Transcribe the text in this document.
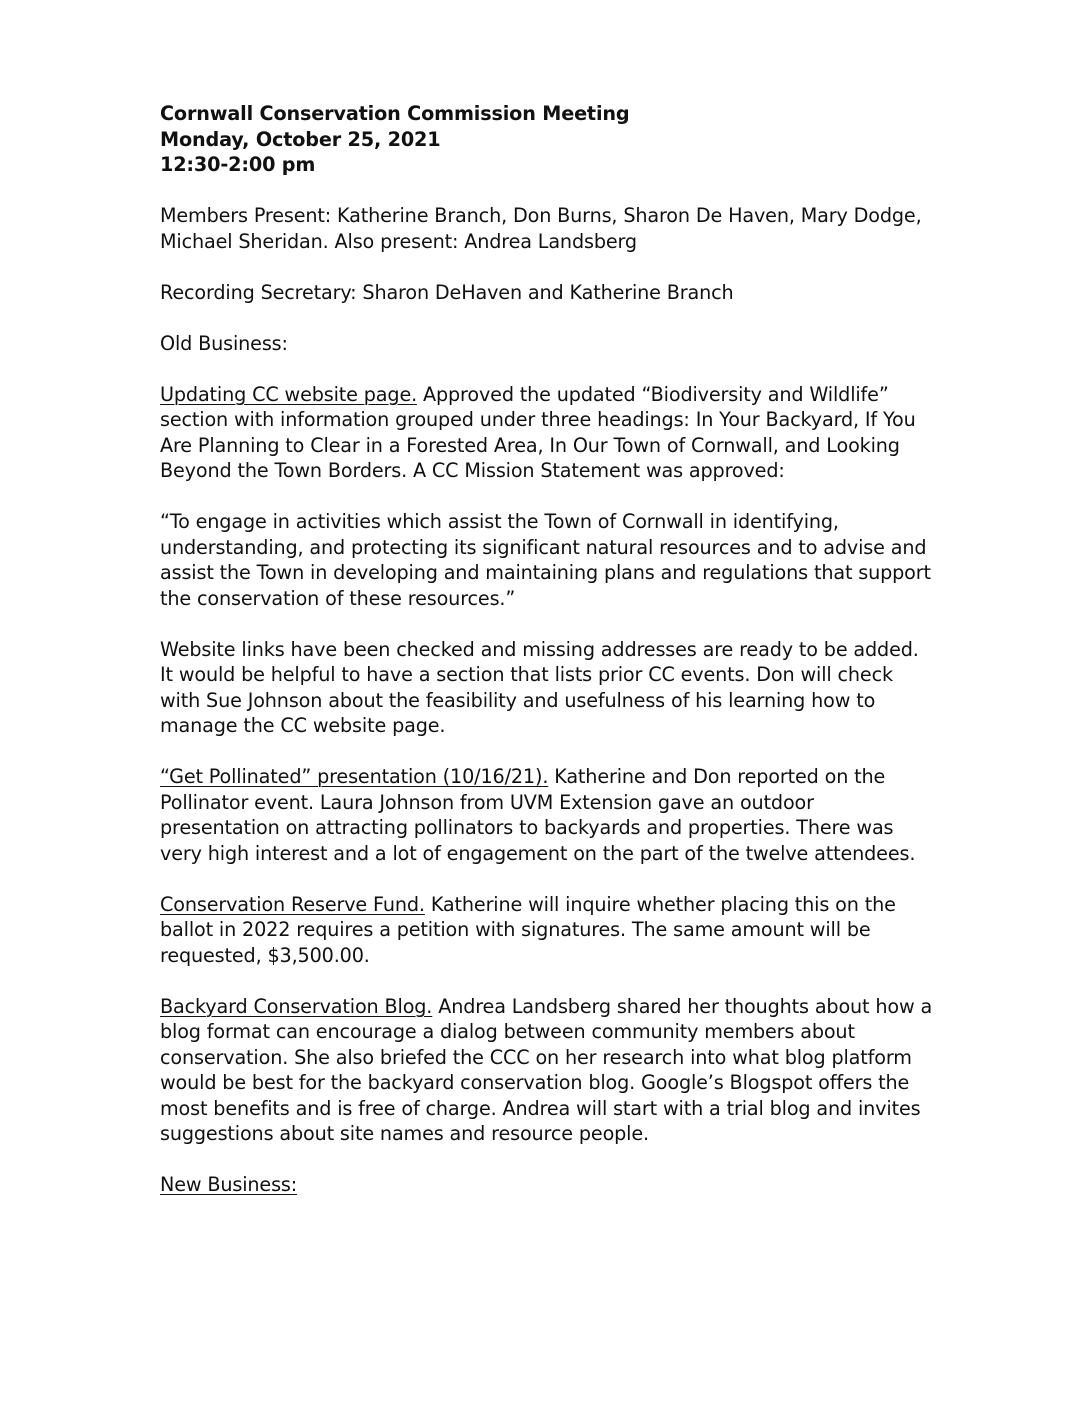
Cornwall Conservation Commission Meeting
Monday, October 25, 2021
12:30-2:00 pm
Members Present: Katherine Branch, Don Burns, Sharon De Haven, Mary Dodge,
Michael Sheridan. Also present: Andrea Landsberg
Recording Secretary: Sharon DeHaven and Katherine Branch
Old Business:
Updating CC website page. Approved the updated “Biodiversity and Wildlife”
section with information grouped under three headings: In Your Backyard, If You
Are Planning to Clear in a Forested Area, In Our Town of Cornwall, and Looking
Beyond the Town Borders. A CC Mission Statement was approved:
“To engage in activities which assist the Town of Cornwall in identifying,
understanding, and protecting its significant natural resources and to advise and
assist the Town in developing and maintaining plans and regulations that support
the conservation of these resources.”
Website links have been checked and missing addresses are ready to be added.
It would be helpful to have a section that lists prior CC events. Don will check
with Sue Johnson about the feasibility and usefulness of his learning how to
manage the CC website page.
“Get Pollinated” presentation (10/16/21). Katherine and Don reported on the
Pollinator event. Laura Johnson from UVM Extension gave an outdoor
presentation on attracting pollinators to backyards and properties. There was
very high interest and a lot of engagement on the part of the twelve attendees.
Conservation Reserve Fund. Katherine will inquire whether placing this on the
ballot in 2022 requires a petition with signatures. The same amount will be
requested, $3,500.00.
Backyard Conservation Blog. Andrea Landsberg shared her thoughts about how a
blog format can encourage a dialog between community members about
conservation. She also briefed the CCC on her research into what blog platform
would be best for the backyard conservation blog. Google’s Blogspot offers the
most benefits and is free of charge. Andrea will start with a trial blog and invites
suggestions about site names and resource people.
New Business:
